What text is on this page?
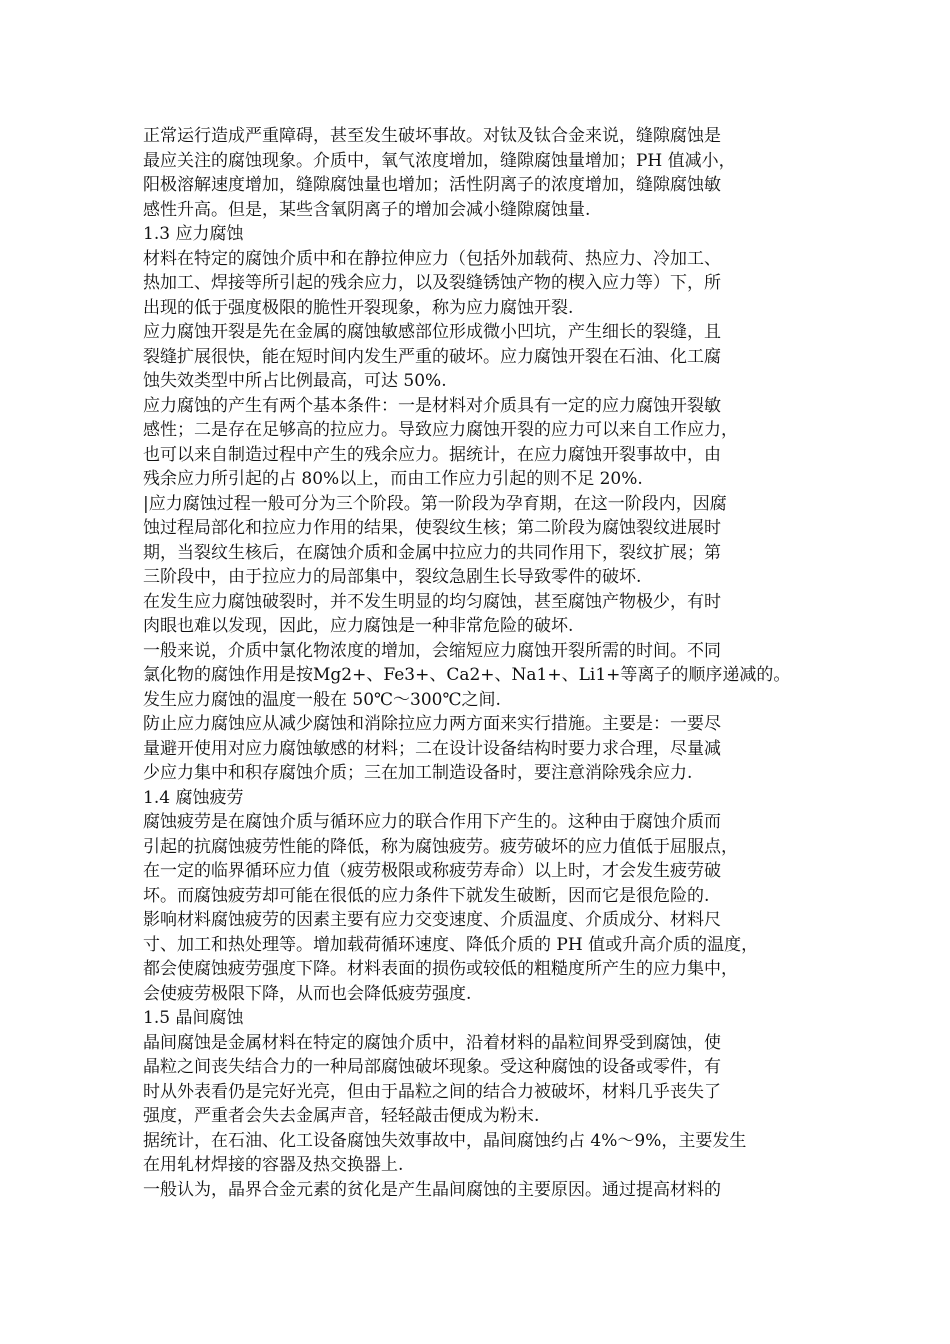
正常运行造成严重障碍，甚至发生破坏事故。对钛及钛合金来说，缝隙腐蚀是
最应关注的腐蚀现象。介质中，氧气浓度增加，缝隙腐蚀量增加；PH 值减小，
阳极溶解速度增加，缝隙腐蚀量也增加；活性阴离子的浓度增加，缝隙腐蚀敏
感性升高。但是，某些含氧阴离子的增加会减小缝隙腐蚀量.
1.3 应力腐蚀
材料在特定的腐蚀介质中和在静拉伸应力（包括外加载荷、热应力、冷加工、
热加工、焊接等所引起的残余应力，以及裂缝锈蚀产物的楔入应力等）下，所
出现的低于强度极限的脆性开裂现象，称为应力腐蚀开裂.
应力腐蚀开裂是先在金属的腐蚀敏感部位形成微小凹坑，产生细长的裂缝，且
裂缝扩展很快，能在短时间内发生严重的破坏。应力腐蚀开裂在石油、化工腐
蚀失效类型中所占比例最高，可达 50%.
应力腐蚀的产生有两个基本条件：一是材料对介质具有一定的应力腐蚀开裂敏
感性；二是存在足够高的拉应力。导致应力腐蚀开裂的应力可以来自工作应力，
也可以来自制造过程中产生的残余应力。据统计，在应力腐蚀开裂事故中，由
残余应力所引起的占 80%以上，而由工作应力引起的则不足 20%.
|应力腐蚀过程一般可分为三个阶段。第一阶段为孕育期，在这一阶段内，因腐
蚀过程局部化和拉应力作用的结果，使裂纹生核；第二阶段为腐蚀裂纹进展时
期，当裂纹生核后，在腐蚀介质和金属中拉应力的共同作用下，裂纹扩展；第
三阶段中，由于拉应力的局部集中，裂纹急剧生长导致零件的破坏.
在发生应力腐蚀破裂时，并不发生明显的均匀腐蚀，甚至腐蚀产物极少，有时
肉眼也难以发现，因此，应力腐蚀是一种非常危险的破坏.
一般来说，介质中氯化物浓度的增加，会缩短应力腐蚀开裂所需的时间。不同
氯化物的腐蚀作用是按Mg2+、Fe3+、Ca2+、Na1+、Li1+等离子的顺序递减的。
发生应力腐蚀的温度一般在 50℃～300℃之间.
防止应力腐蚀应从减少腐蚀和消除拉应力两方面来实行措施。主要是：一要尽
量避开使用对应力腐蚀敏感的材料；二在设计设备结构时要力求合理，尽量减
少应力集中和积存腐蚀介质；三在加工制造设备时，要注意消除残余应力.
1.4 腐蚀疲劳
腐蚀疲劳是在腐蚀介质与循环应力的联合作用下产生的。这种由于腐蚀介质而
引起的抗腐蚀疲劳性能的降低，称为腐蚀疲劳。疲劳破坏的应力值低于屈服点，
在一定的临界循环应力值（疲劳极限或称疲劳寿命）以上时，才会发生疲劳破
坏。而腐蚀疲劳却可能在很低的应力条件下就发生破断，因而它是很危险的.
影响材料腐蚀疲劳的因素主要有应力交变速度、介质温度、介质成分、材料尺
寸、加工和热处理等。增加载荷循环速度、降低介质的 PH 值或升高介质的温度，
都会使腐蚀疲劳强度下降。材料表面的损伤或较低的粗糙度所产生的应力集中，
会使疲劳极限下降，从而也会降低疲劳强度.
1.5 晶间腐蚀
晶间腐蚀是金属材料在特定的腐蚀介质中，沿着材料的晶粒间界受到腐蚀，使
晶粒之间丧失结合力的一种局部腐蚀破坏现象。受这种腐蚀的设备或零件，有
时从外表看仍是完好光亮，但由于晶粒之间的结合力被破坏，材料几乎丧失了
强度，严重者会失去金属声音，轻轻敲击便成为粉末.
据统计，在石油、化工设备腐蚀失效事故中，晶间腐蚀约占 4%～9%，主要发生
在用轧材焊接的容器及热交换器上.
一般认为，晶界合金元素的贫化是产生晶间腐蚀的主要原因。通过提高材料的
